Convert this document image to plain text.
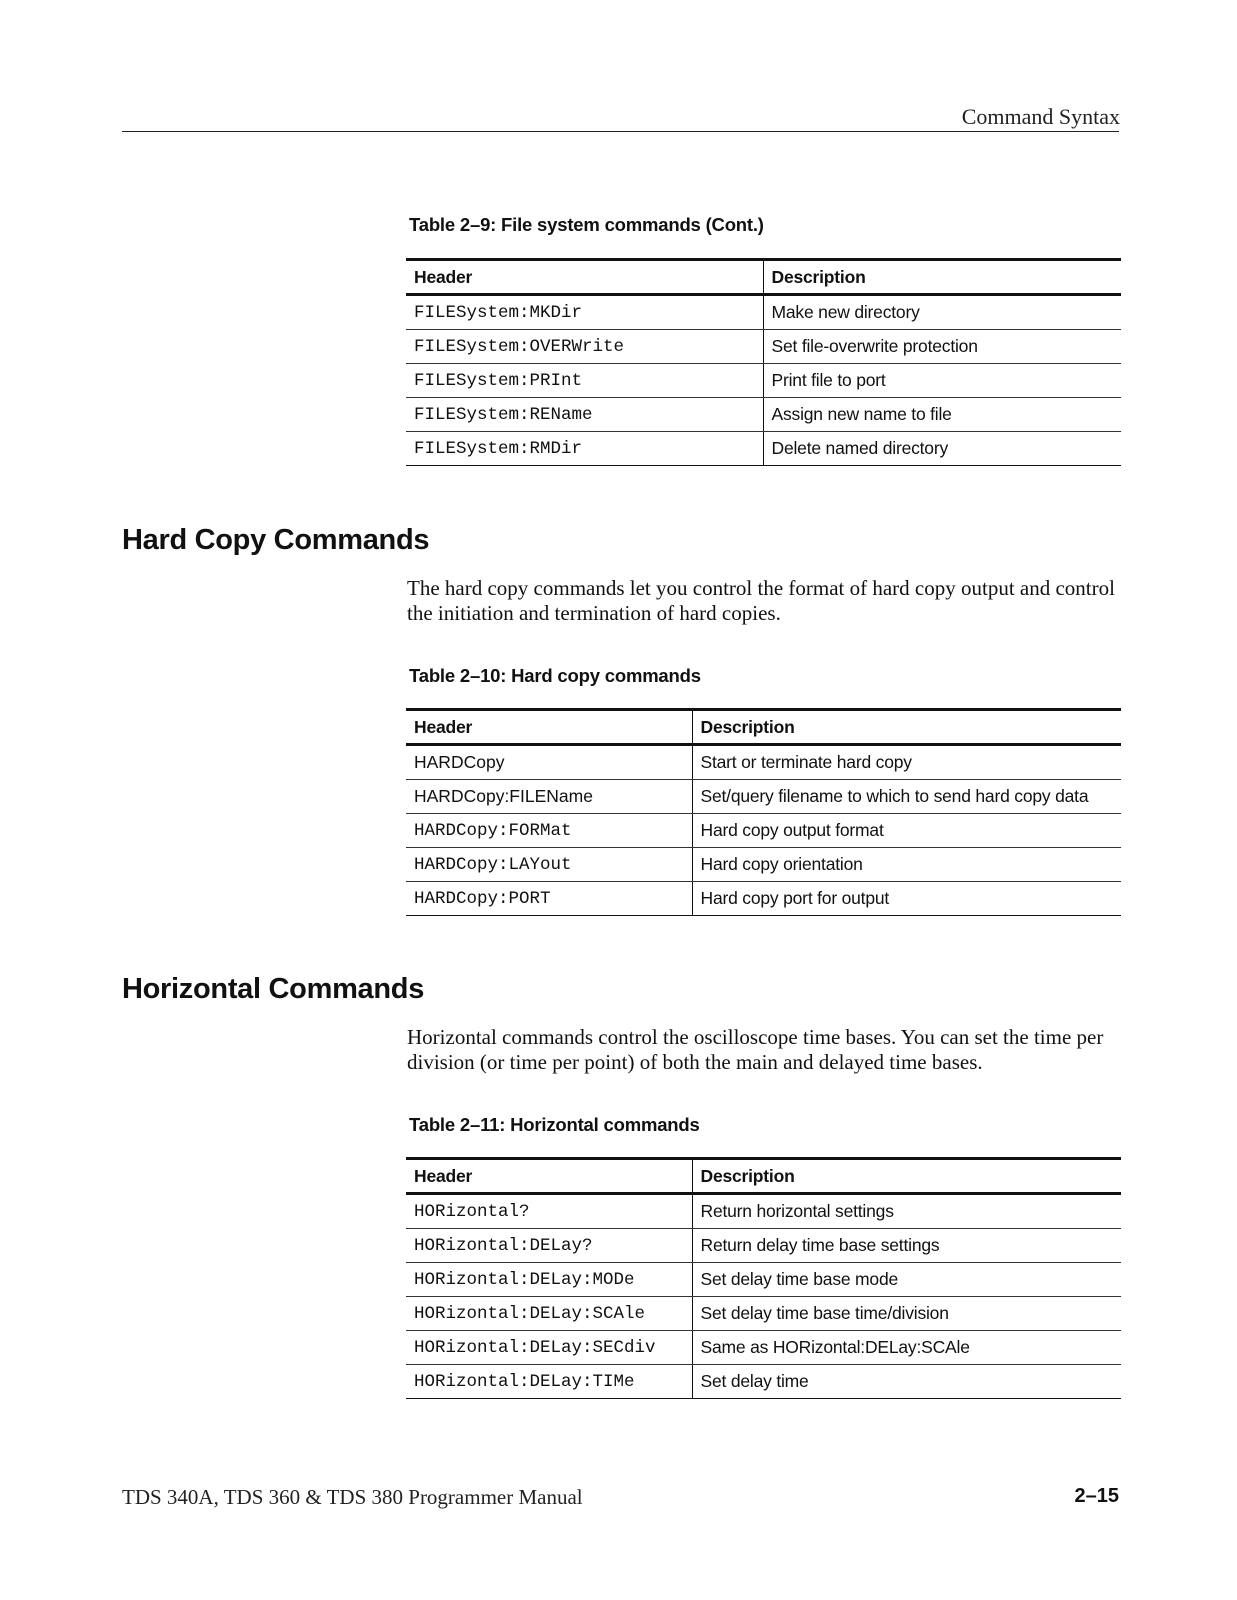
Command Syntax
Table 2–9: File system commands (Cont.)
Header	Description
FILESystem:MKDir	Make new directory
FILESystem:OVERWrite	Set file-overwrite protection
FILESystem:PRInt	Print file to port
FILESystem:REName	Assign new name to file
FILESystem:RMDir	Delete named directory
Hard Copy Commands

The hard copy commands let you control the format of hard copy output and control the initiation and termination of hard copies.

Table 2–10: Hard copy commands
Header	Description
HARDCopy	Start or terminate hard copy
HARDCopy:FILEName	Set/query filename to which to send hard copy data
HARDCopy:FORMat	Hard copy output format
HARDCopy:LAYout	Hard copy orientation
HARDCopy:PORT	Hard copy port for output
Horizontal Commands

Horizontal commands control the oscilloscope time bases. You can set the time per division (or time per point) of both the main and delayed time bases.

Table 2–11: Horizontal commands
Header	Description
HORizontal?	Return horizontal settings
HORizontal:DELay?	Return delay time base settings
HORizontal:DELay:MODe	Set delay time base mode
HORizontal:DELay:SCAle	Set delay time base time/division
HORizontal:DELay:SECdiv	Same as HORizontal:DELay:SCAle
HORizontal:DELay:TIMe	Set delay time
TDS 340A, TDS 360 & TDS 380 Programmer Manual	2–15
